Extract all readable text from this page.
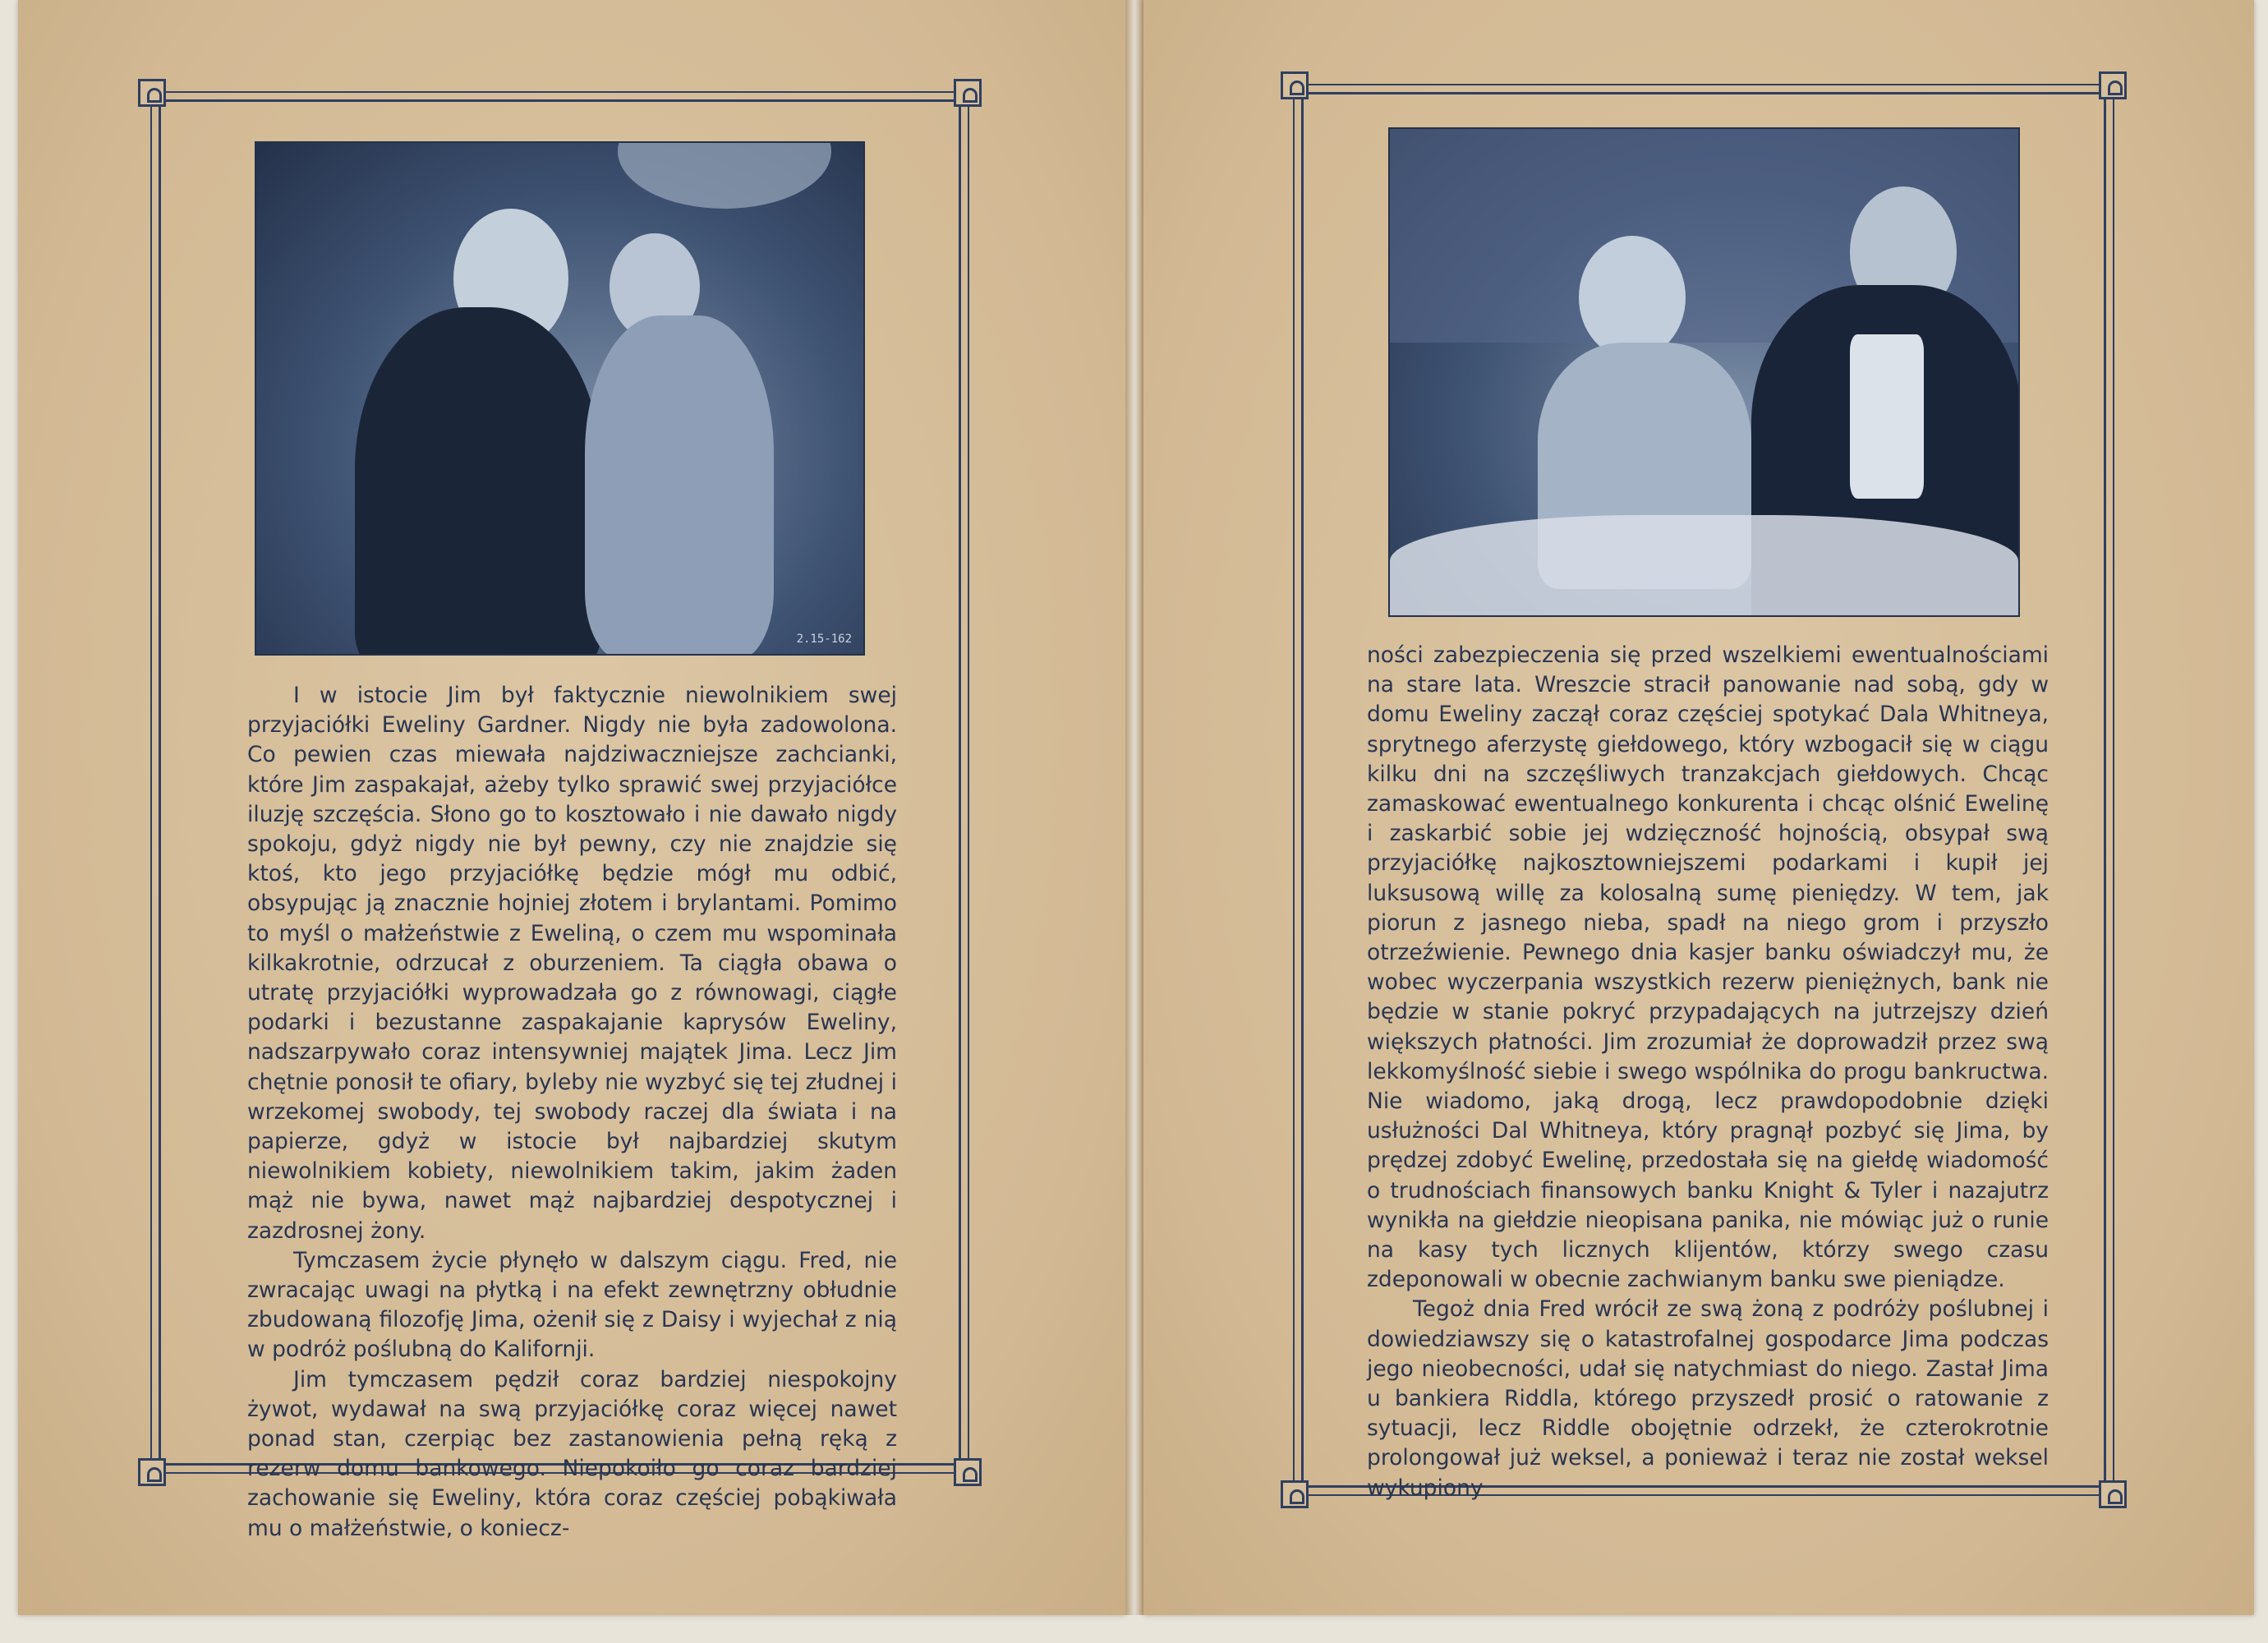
2.15-162

I w istocie Jim był faktycznie niewolnikiem swej przyjaciółki Eweliny Gardner. Nigdy nie była zadowolona. Co pewien czas miewała najdziwaczniejsze zachcianki, które Jim zaspakajał, ażeby tylko sprawić swej przyjaciółce iluzję szczęścia. Słono go to kosztowało i nie dawało nigdy spokoju, gdyż nigdy nie był pewny, czy nie znajdzie się ktoś, kto jego przyjaciółkę będzie mógł mu odbić, obsypując ją znacznie hojniej złotem i brylantami. Pomimo to myśl o małżeństwie z Eweliną, o czem mu wspominała kilkakrotnie, odrzucał z oburzeniem. Ta ciągła obawa o utratę przyjaciółki wyprowadzała go z równowagi, ciągłe podarki i bezustanne zaspakajanie kaprysów Eweliny, nadszarpywało coraz intensywniej majątek Jima. Lecz Jim chętnie ponosił te ofiary, byleby nie wyzbyć się tej złudnej i wrzekomej swobody, tej swobody raczej dla świata i na papierze, gdyż w istocie był najbardziej skutym niewolnikiem kobiety, niewolnikiem takim, jakim żaden mąż nie bywa, nawet mąż najbardziej despotycznej i zazdrosnej żony.

Tymczasem życie płynęło w dalszym ciągu. Fred, nie zwracając uwagi na płytką i na efekt zewnętrzny obłudnie zbudowaną filozofję Jima, ożenił się z Daisy i wyjechał z nią w podróż poślubną do Kalifornji.

Jim tymczasem pędził coraz bardziej niespokojny żywot, wydawał na swą przyjaciółkę coraz więcej nawet ponad stan, czerpiąc bez zastanowienia pełną ręką z rezerw domu bankowego. Niepokoiło go coraz bardziej zachowanie się Eweliny, która coraz częściej pobąkiwała mu o małżeństwie, o koniecz-

ności zabezpieczenia się przed wszelkiemi ewentualnościami na stare lata. Wreszcie stracił panowanie nad sobą, gdy w domu Eweliny zaczął coraz częściej spotykać Dala Whitneya, sprytnego aferzystę giełdowego, który wzbogacił się w ciągu kilku dni na szczęśliwych tranzakcjach giełdowych. Chcąc zamaskować ewentualnego konkurenta i chcąc olśnić Ewelinę i zaskarbić sobie jej wdzięczność hojnością, obsypał swą przyjaciółkę najkosztowniejszemi podarkami i kupił jej luksusową willę za kolosalną sumę pieniędzy. W tem, jak piorun z jasnego nieba, spadł na niego grom i przyszło otrzeźwienie. Pewnego dnia kasjer banku oświadczył mu, że wobec wyczerpania wszystkich rezerw pieniężnych, bank nie będzie w stanie pokryć przypadających na jutrzejszy dzień większych płatności. Jim zrozumiał że doprowadził przez swą lekkomyślność siebie i swego wspólnika do progu bankructwa. Nie wiadomo, jaką drogą, lecz prawdopodobnie dzięki usłużności Dal Whitneya, który pragnął pozbyć się Jima, by prędzej zdobyć Ewelinę, przedostała się na giełdę wiadomość o trudnościach finansowych banku Knight & Tyler i nazajutrz wynikła na giełdzie nieopisana panika, nie mówiąc już o runie na kasy tych licznych klijentów, którzy swego czasu zdeponowali w obecnie zachwianym banku swe pieniądze.

Tegoż dnia Fred wrócił ze swą żoną z podróży poślubnej i dowiedziawszy się o katastrofalnej gospodarce Jima podczas jego nieobecności, udał się natychmiast do niego. Zastał Jima u bankiera Riddla, którego przyszedł prosić o ratowanie z sytuacji, lecz Riddle obojętnie odrzekł, że czterokrotnie prolongował już weksel, a ponieważ i teraz nie został weksel wykupiony
